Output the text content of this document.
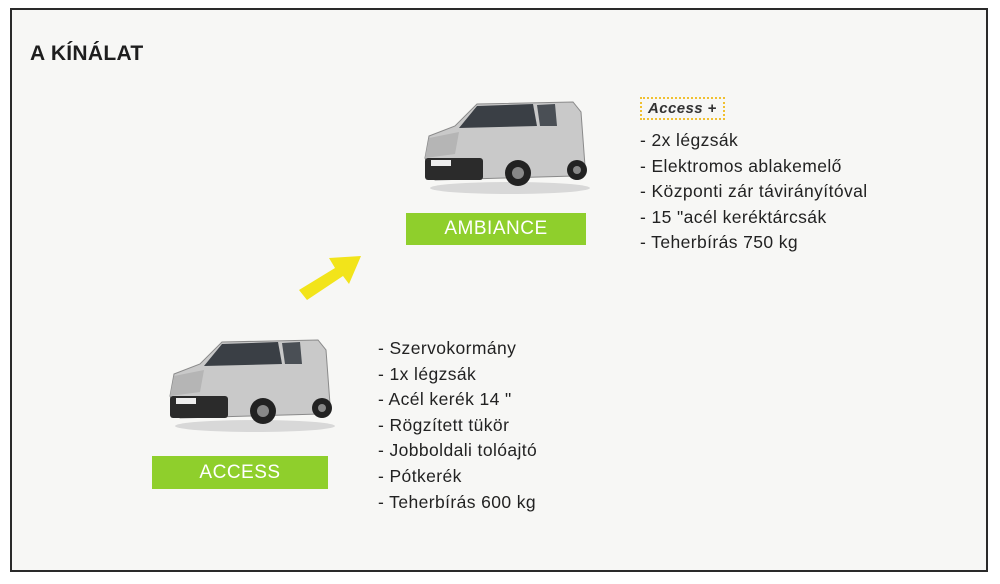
A KÍNÁLAT
AMBIANCE
Access +
- 2x légzsák
- Elektromos ablakemelő
- Központi zár távirányítóval
- 15 "acél keréktárcsák
- Teherbírás 750 kg
ACCESS
- Szervokormány
- 1x légzsák
- Acél kerék 14 "
- Rögzített tükör
- Jobboldali tolóajtó
- Pótkerék
- Teherbírás 600 kg
